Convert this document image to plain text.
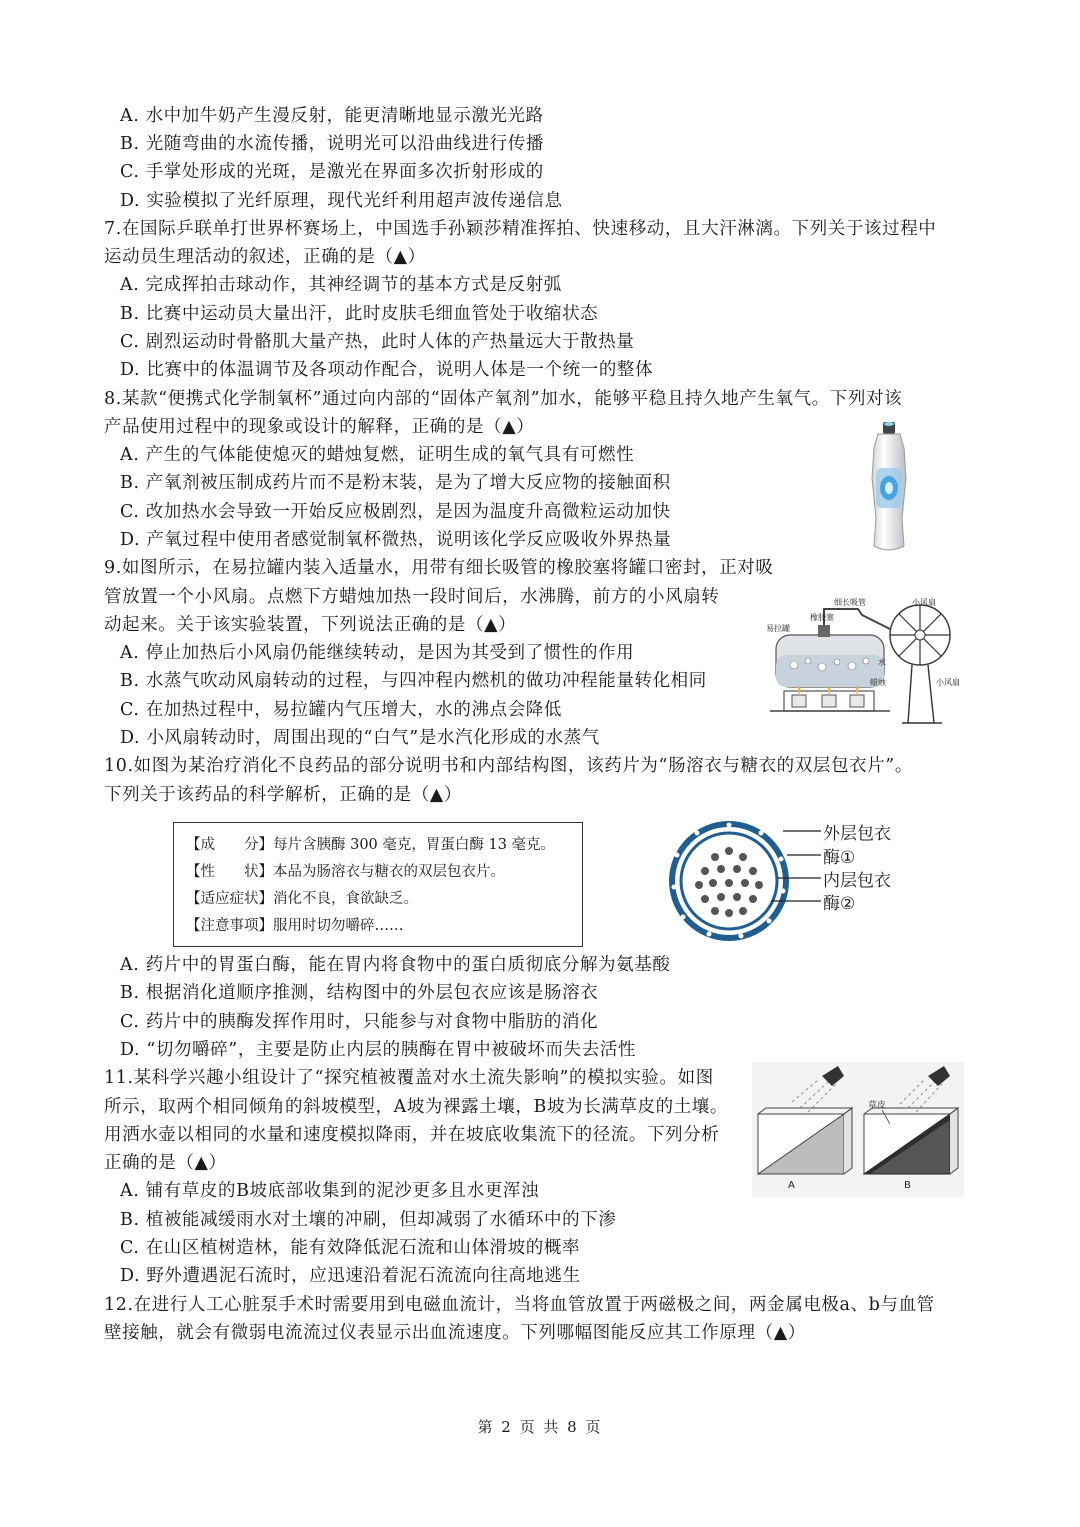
A. 水中加牛奶产生漫反射，能更清晰地显示激光光路
B. 光随弯曲的水流传播，说明光可以沿曲线进行传播
C. 手掌处形成的光斑，是激光在界面多次折射形成的
D. 实验模拟了光纤原理，现代光纤利用超声波传递信息
7.在国际乒联单打世界杯赛场上，中国选手孙颖莎精准挥拍、快速移动，且大汗淋漓。下列关于该过程中
运动员生理活动的叙述，正确的是（▲）
A. 完成挥拍击球动作，其神经调节的基本方式是反射弧
B. 比赛中运动员大量出汗，此时皮肤毛细血管处于收缩状态
C. 剧烈运动时骨骼肌大量产热，此时人体的产热量远大于散热量
D. 比赛中的体温调节及各项动作配合，说明人体是一个统一的整体
8.某款“便携式化学制氧杯”通过向内部的“固体产氧剂”加水，能够平稳且持久地产生氧气。下列对该
产品使用过程中的现象或设计的解释，正确的是（▲）
A. 产生的气体能使熄灭的蜡烛复燃，证明生成的氧气具有可燃性
B. 产氧剂被压制成药片而不是粉末装，是为了增大反应物的接触面积
C. 改加热水会导致一开始反应极剧烈，是因为温度升高微粒运动加快
D. 产氧过程中使用者感觉制氧杯微热，说明该化学反应吸收外界热量
9.如图所示，在易拉罐内装入适量水，用带有细长吸管的橡胶塞将罐口密封，正对吸
管放置一个小风扇。点燃下方蜡烛加热一段时间后，水沸腾，前方的小风扇转
动起来。关于该实验装置，下列说法正确的是（▲）
A. 停止加热后小风扇仍能继续转动，是因为其受到了惯性的作用
B. 水蒸气吹动风扇转动的过程，与四冲程内燃机的做功冲程能量转化相同
C. 在加热过程中，易拉罐内气压增大，水的沸点会降低
D. 小风扇转动时，周围出现的“白气”是水汽化形成的水蒸气
10.如图为某治疗消化不良药品的部分说明书和内部结构图，该药片为“肠溶衣与糖衣的双层包衣片”。
下列关于该药品的科学解析，正确的是（▲）
A. 药片中的胃蛋白酶，能在胃内将食物中的蛋白质彻底分解为氨基酸
B. 根据消化道顺序推测，结构图中的外层包衣应该是肠溶衣
C. 药片中的胰酶发挥作用时，只能参与对食物中脂肪的消化
D. “切勿嚼碎”，主要是防止内层的胰酶在胃中被破坏而失去活性
11.某科学兴趣小组设计了“探究植被覆盖对水土流失影响”的模拟实验。如图
所示，取两个相同倾角的斜坡模型，A坡为裸露土壤，B坡为长满草皮的土壤。
用洒水壶以相同的水量和速度模拟降雨，并在坡底收集流下的径流。下列分析
正确的是（▲）
A. 铺有草皮的B坡底部收集到的泥沙更多且水更浑浊
B. 植被能减缓雨水对土壤的冲刷，但却减弱了水循环中的下渗
C. 在山区植树造林，能有效降低泥石流和山体滑坡的概率
D. 野外遭遇泥石流时，应迅速沿着泥石流流向往高地逃生
12.在进行人工心脏泵手术时需要用到电磁血流计，当将血管放置于两磁极之间，两金属电极a、b与血管
壁接触，就会有微弱电流流过仪表显示出血流速度。下列哪幅图能反应其工作原理（▲）
易拉罐
橡胶塞
细长吸管	小风扇
水
蜡烛	小风扇
【成　　分】每片含胰酶 300 毫克，胃蛋白酶 13 毫克。
【性　　状】本品为肠溶衣与糖衣的双层包衣片。
【适应症状】消化不良，食欲缺乏。
【注意事项】服用时切勿嚼碎……
外层包衣
酶①
内层包衣
酶②
草皮
A	B
第 2 页 共 8 页
